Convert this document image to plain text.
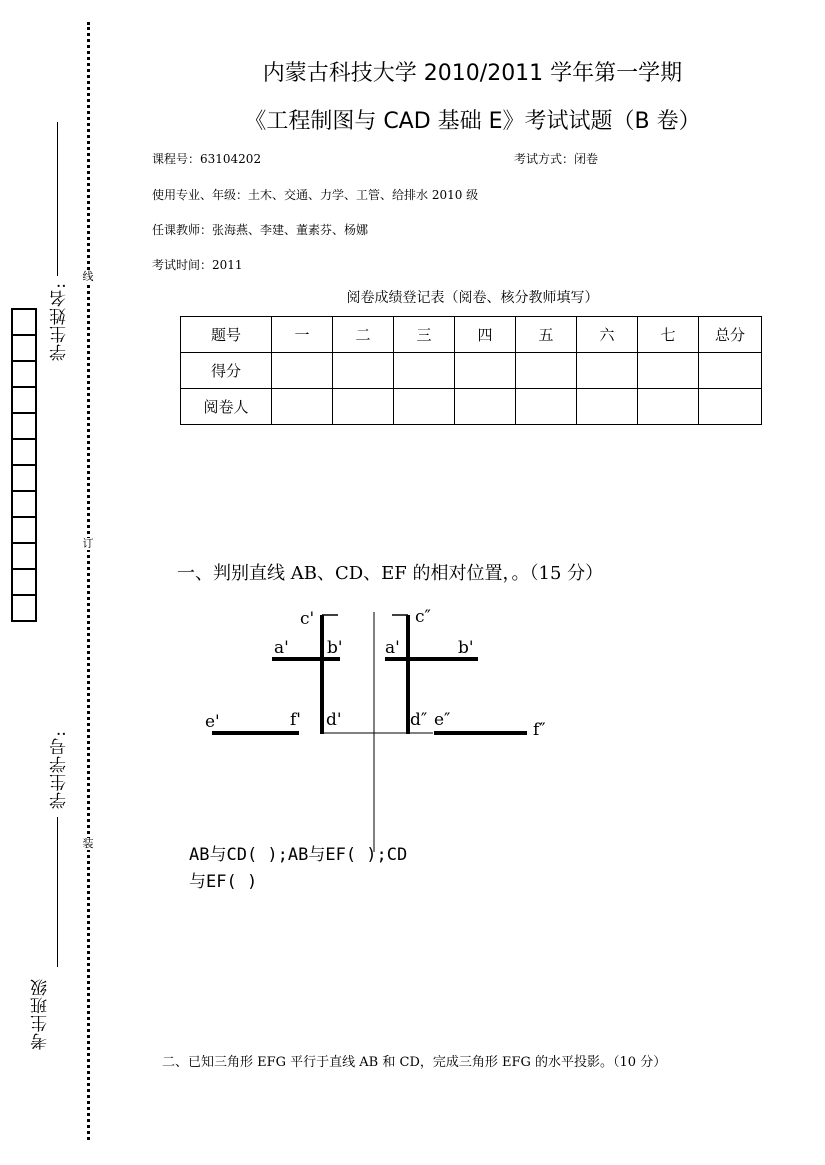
线
订
装
学生姓名:
学生学号:
考生班级
内蒙古科技大学 2010/2011 学年第一学期
《工程制图与 CAD 基础 E》考试试题（B 卷）
课程号：63104202	考试方式：闭卷
使用专业、年级：土木、交通、力学、工管、给排水 2010 级
任课教师：张海燕、李建、董素芬、杨娜
考试时间：2011
阅卷成绩登记表（阅卷、核分教师填写）
题号	一	二	三	四	五	六	七	总分
得分								
阅卷人								
一、判别直线 AB、CD、EF 的相对位置，。（15 分）
c'
a' b'
e'	f' d'
c″
a'	b'
d″ e″	f″
AB与CD( );AB与EF( );CD
与EF( )
二、已知三角形 EFG 平行于直线 AB 和 CD，完成三角形 EFG 的水平投影。（10 分）
